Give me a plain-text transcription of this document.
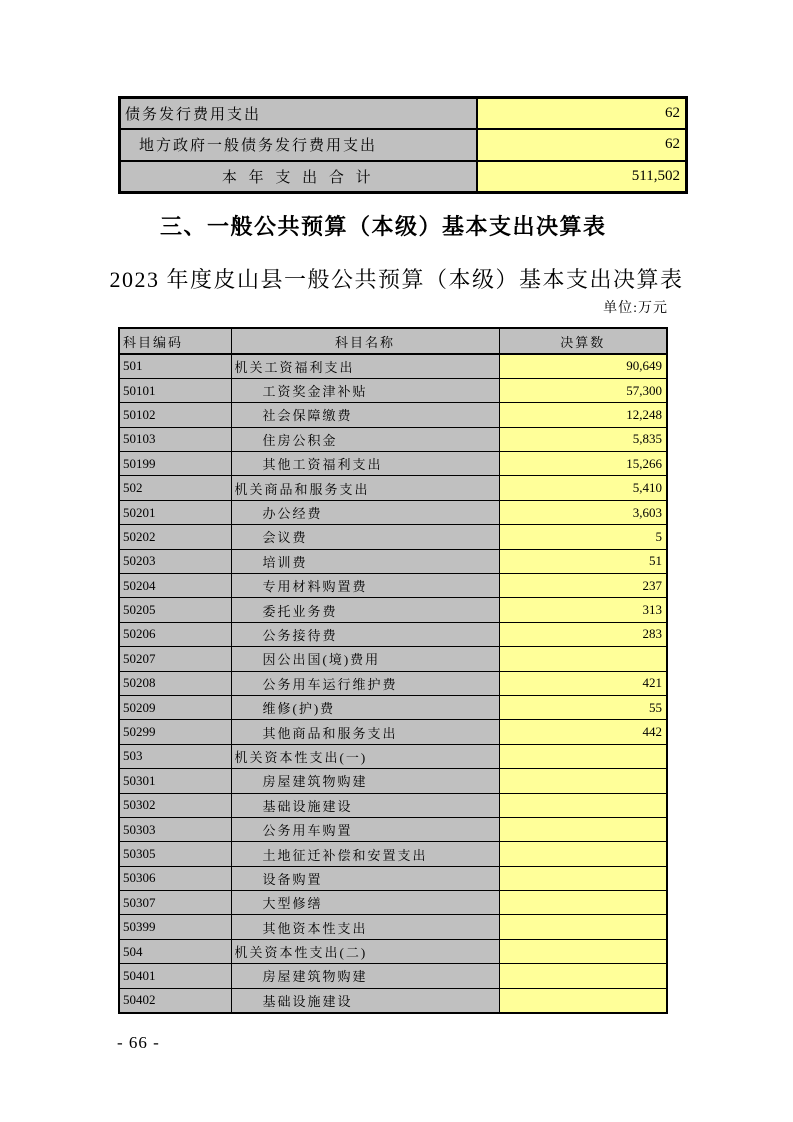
债务发行费用支出	62
地方政府一般债务发行费用支出	62
本 年 支 出 合 计	511,502
三、一般公共预算（本级）基本支出决算表
2023 年度皮山县一般公共预算（本级）基本支出决算表
单位:万元
科目编码	科目名称	决算数
501	机关工资福利支出	90,649
50101	工资奖金津补贴	57,300
50102	社会保障缴费	12,248
50103	住房公积金	5,835
50199	其他工资福利支出	15,266
502	机关商品和服务支出	5,410
50201	办公经费	3,603
50202	会议费	5
50203	培训费	51
50204	专用材料购置费	237
50205	委托业务费	313
50206	公务接待费	283
50207	因公出国(境)费用	
50208	公务用车运行维护费	421
50209	维修(护)费	55
50299	其他商品和服务支出	442
503	机关资本性支出(一)	
50301	房屋建筑物购建	
50302	基础设施建设	
50303	公务用车购置	
50305	土地征迁补偿和安置支出	
50306	设备购置	
50307	大型修缮	
50399	其他资本性支出	
504	机关资本性支出(二)	
50401	房屋建筑物购建	
50402	基础设施建设	
- 66 -
